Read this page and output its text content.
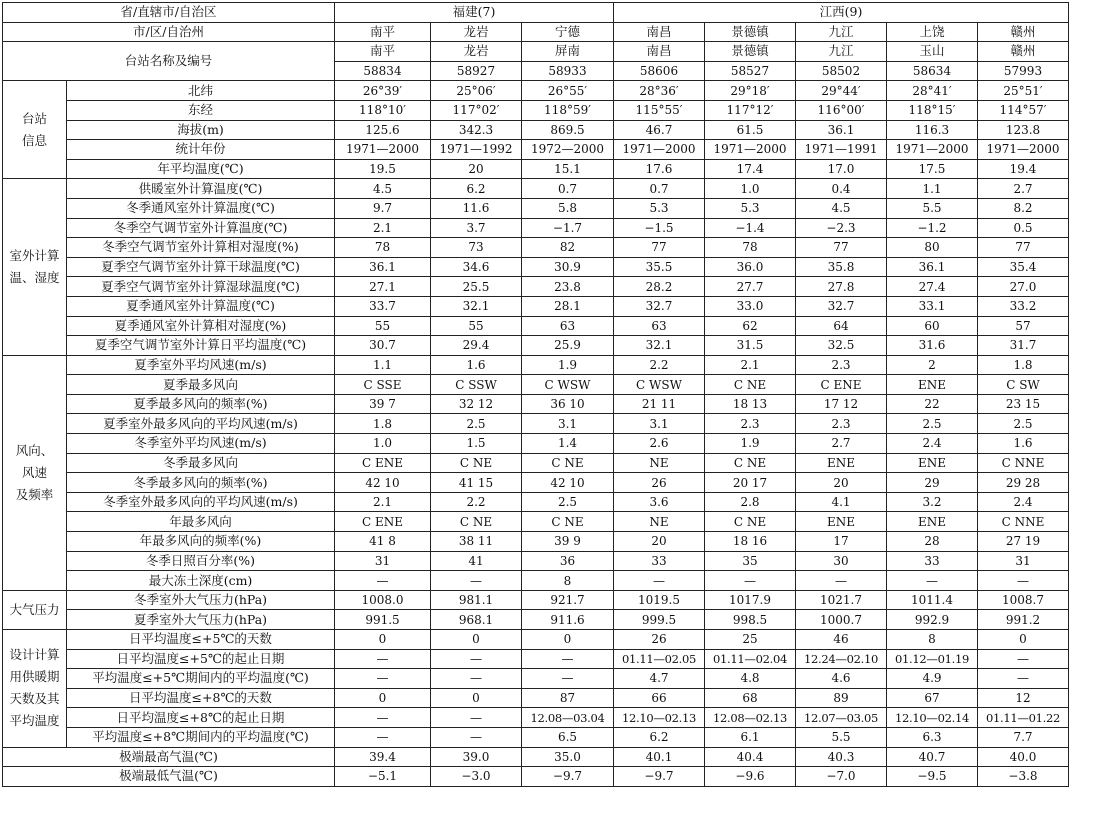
省/直辖市/自治区		福建(7)			江西(9)				
市/区/自治州		南平	龙岩	宁德	南昌	景德镇	九江	上饶	赣州
台站名称及编号		南平	龙岩	屏南	南昌	景德镇	九江	玉山	赣州
		58834	58927	58933	58606	58527	58502	58634	57993
台站
信息	北纬	26°39′	25°06′	26°55′	28°36′	29°18′	29°44′	28°41′	25°51′
	东经	118°10′	117°02′	118°59′	115°55′	117°12′	116°00′	118°15′	114°57′
	海拔(m)	125.6	342.3	869.5	46.7	61.5	36.1	116.3	123.8
	统计年份	1971—2000	1971—1992	1972—2000	1971—2000	1971—2000	1971—1991	1971—2000	1971—2000
	年平均温度(℃)	19.5	20	15.1	17.6	17.4	17.0	17.5	19.4
室外计算
温、湿度	供暖室外计算温度(℃)	4.5	6.2	0.7	0.7	1.0	0.4	1.1	2.7
	冬季通风室外计算温度(℃)	9.7	11.6	5.8	5.3	5.3	4.5	5.5	8.2
	冬季空气调节室外计算温度(℃)	2.1	3.7	−1.7	−1.5	−1.4	−2.3	−1.2	0.5
	冬季空气调节室外计算相对湿度(%)	78	73	82	77	78	77	80	77
	夏季空气调节室外计算干球温度(℃)	36.1	34.6	30.9	35.5	36.0	35.8	36.1	35.4
	夏季空气调节室外计算湿球温度(℃)	27.1	25.5	23.8	28.2	27.7	27.8	27.4	27.0
	夏季通风室外计算温度(℃)	33.7	32.1	28.1	32.7	33.0	32.7	33.1	33.2
	夏季通风室外计算相对湿度(%)	55	55	63	63	62	64	60	57
	夏季空气调节室外计算日平均温度(℃)	30.7	29.4	25.9	32.1	31.5	32.5	31.6	31.7
风向、
风速
及频率	夏季室外平均风速(m/s)	1.1	1.6	1.9	2.2	2.1	2.3	2	1.8
	夏季最多风向	C SSE	C SSW	C WSW	C WSW	C NE	C ENE	ENE	C SW
	夏季最多风向的频率(%)	39 7	32 12	36 10	21 11	18 13	17 12	22	23 15
	夏季室外最多风向的平均风速(m/s)	1.8	2.5	3.1	3.1	2.3	2.3	2.5	2.5
	冬季室外平均风速(m/s)	1.0	1.5	1.4	2.6	1.9	2.7	2.4	1.6
	冬季最多风向	C ENE	C NE	C NE	NE	C NE	ENE	ENE	C NNE
	冬季最多风向的频率(%)	42 10	41 15	42 10	26	20 17	20	29	29 28
	冬季室外最多风向的平均风速(m/s)	2.1	2.2	2.5	3.6	2.8	4.1	3.2	2.4
	年最多风向	C ENE	C NE	C NE	NE	C NE	ENE	ENE	C NNE
	年最多风向的频率(%)	41 8	38 11	39 9	20	18 16	17	28	27 19
	冬季日照百分率(%)	31	41	36	33	35	30	33	31
	最大冻土深度(cm)	—	—	8	—	—	—	—	—
大气压力	冬季室外大气压力(hPa)	1008.0	981.1	921.7	1019.5	1017.9	1021.7	1011.4	1008.7
	夏季室外大气压力(hPa)	991.5	968.1	911.6	999.5	998.5	1000.7	992.9	991.2
设计计算
用供暖期
天数及其
平均温度	日平均温度≤+5℃的天数	0	0	0	26	25	46	8	0
	日平均温度≤+5℃的起止日期	—	—	—	01.11—02.05	01.11—02.04	12.24—02.10	01.12—01.19	—
	平均温度≤+5℃期间内的平均温度(℃)	—	—	—	4.7	4.8	4.6	4.9	—
	日平均温度≤+8℃的天数	0	0	87	66	68	89	67	12
	日平均温度≤+8℃的起止日期	—	—	12.08—03.04	12.10—02.13	12.08—02.13	12.07—03.05	12.10—02.14	01.11—01.22
	平均温度≤+8℃期间内的平均温度(℃)	—	—	6.5	6.2	6.1	5.5	6.3	7.7
极端最高气温(℃)		39.4	39.0	35.0	40.1	40.4	40.3	40.7	40.0
极端最低气温(℃)		−5.1	−3.0	−9.7	−9.7	−9.6	−7.0	−9.5	−3.8
